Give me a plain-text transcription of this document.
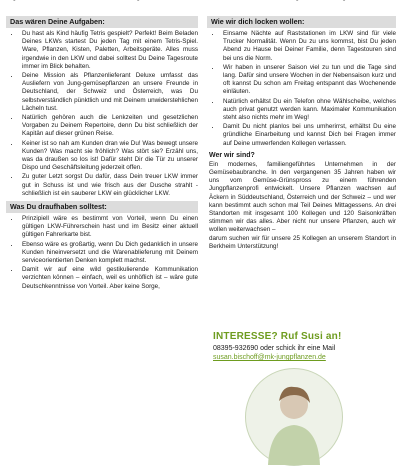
Das wären Deine Aufgaben:
• Du hast als Kind häufig Tetris gespielt? Perfekt! Beim Beladen Deines LKWs startest Du jeden Tag mit einem Tetris-Spiel. Ware, Pflanzen, Kisten, Paletten, Arbeitsgeräte. Alles muss irgendwie in den LKW und dabei solltest Du Deine Tagesroute immer im Blick behalten.
• Deine Mission als Pflanzenlieferant Deluxe umfasst das Ausliefern von Jung-gemüsepflanzen an unsere Freunde in Deutschland, der Schweiz und Österreich, was Du selbstverständlich pünktlich und mit Deinem unwiderstehlichen Lächeln tust.
• Natürlich gehören auch die Lenkzeiten und gesetzlichen Vorgaben zu Deinem Repertoire, denn Du bist schließlich der Kapitän auf dieser grünen Reise.
• Keiner ist so nah am Kunden dran wie Du! Was bewegt unsere Kunden? Was macht sie fröhlich? Was stört sie? Erzähl uns, was da draußen so los ist! Dafür steht Dir die Tür zu unserer Dispo und Geschäftsleitung jederzeit offen.
• Zu guter Letzt sorgst Du dafür, dass Dein treuer LKW immer gut in Schuss ist und wie frisch aus der Dusche strahlt - schließlich ist ein sauberer LKW ein glücklicher LKW.
Was Du draufhaben solltest:
• Prinzipiell wäre es bestimmt von Vorteil, wenn Du einen gültigen LKW-Führerschein hast und im Besitz einer aktuell gültigen Fahrerkarte bist.
• Ebenso wäre es großartig, wenn Du Dich gedanklich in unsere Kunden hineinversetzt und die Warenablieferung mit Deinem serviceorientierten Denken komplett machst.
• Damit wir auf eine wild gestikulierende Kommunikation verzichten können – einfach, weil es unhöflich ist – wäre gute Deutschkenntnisse von Vorteil. Aber keine Sorge,
Wie wir dich locken wollen:
• Einsame Nächte auf Raststationen im LKW sind für viele Trucker Normalität. Wenn Du zu uns kommst, bist Du jeden Abend zu Hause bei Deiner Familie, denn Tagestouren sind bei uns die Norm.
• Wir haben in unserer Saison viel zu tun und die Tage sind lang. Dafür sind unsere Wochen in der Nebensaison kurz und oft kannst Du schon am Freitag entspannt das Wochenende einläuten.
• Natürlich erhältst Du ein Telefon ohne Wählscheibe, welches auch privat genutzt werden kann. Maximaler Kommunikation steht also nichts mehr im Weg!
• Damit Du nicht planlos bei uns umherirrst, erhältst Du eine gründliche Einarbeitung und kannst Dich bei Fragen immer auf Deine umwerfenden Kollegen verlassen.
Wer wir sind?
Ein modernes, familiengeführtes Unternehmen in der Gemüsebaubranche. In den vergangenen 35 Jahren haben wir uns vom Gemüse-Grünspross zu einem führenden Jungpflanzenprofi entwickelt. Unsere Pflanzen wachsen auf Äckern in Süddeutschland, Österreich und der Schweiz – und wer kann bestimmt auch schon mal Teil Deines Mittagessens. An drei Standorten mit insgesamt 100 Kollegen und 120 Saisonkräften stimmen wir das alles. Aber nicht nur unsere Pflanzen, auch wir wollen weiterwachsen –
darum suchen wir für unsere 25 Kollegen an unserem Standort in Berkheim Unterstützung!
INTERESSE? Ruf Susi an!
08395-932690 oder schick ihr eine Mail
susan.bischoff@mk-jungpflanzen.de
